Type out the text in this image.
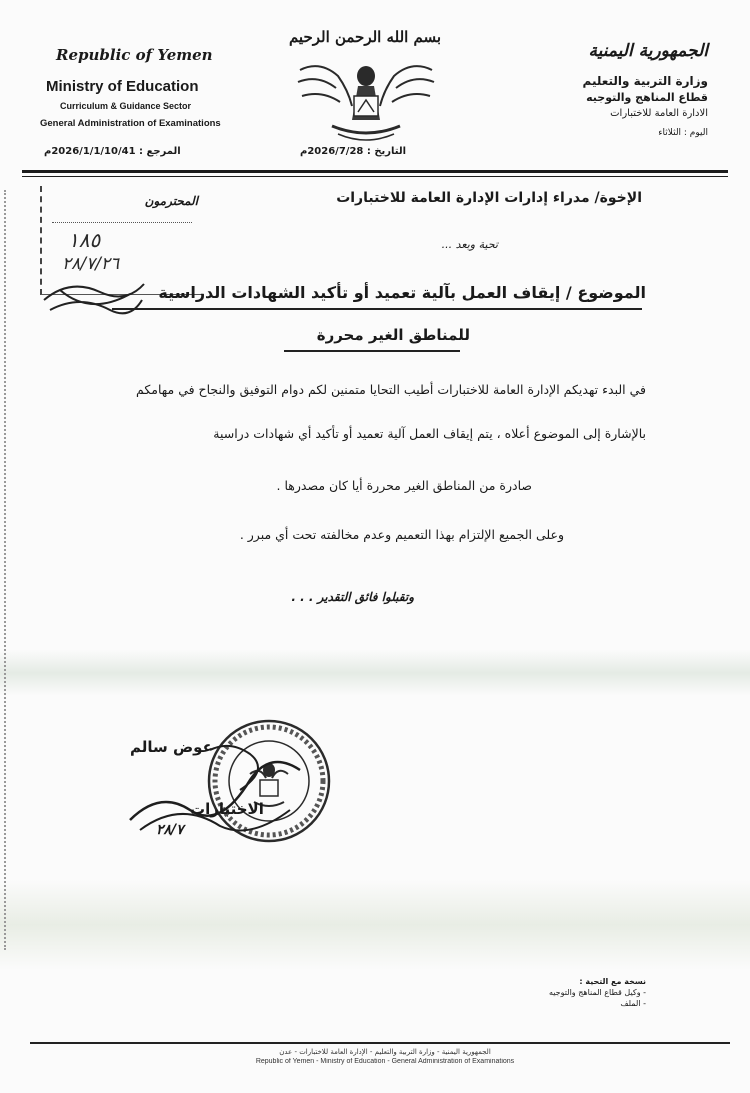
Republic of Yemen
Ministry of Education
Curriculum & Guidance Sector
General Administration of Examinations
بسم الله الرحمن الرحيم
الجمهورية اليمنية
وزارة التربية والتعليم
قطاع المناهج والتوجيه
الادارة العامة للاختبارات
اليوم : الثلاثاء
التاريخ : 2026/7/28م
المرجع : 2026/1/1/10/41م
المحترمون
١٨٥
٢٨/٧/٢٦
الإخوة/ مدراء إدارات الإدارة العامة للاختبارات
تحية وبعد ...
الموضوع / إيقاف العمل بآلية تعميد أو تأكيد الشهادات الدراسية
للمناطق الغير محررة
في البدء تهديكم الإدارة العامة للاختبارات أطيب التحايا متمنين لكم دوام التوفيق والنجاح في مهامكم
بالإشارة إلى الموضوع أعلاه ، يتم إيقاف العمل آلية تعميد أو تأكيد أي شهادات دراسية
صادرة من المناطق الغير محررة أيا كان مصدرها .
وعلى الجميع الإلتزام بهذا التعميم وعدم مخالفته تحت أي مبرر .
وتقبلوا فائق التقدير . . .
عوض سالم
الاختبارات
٢٨/٧
نسخة مع التحية :
- وكيل قطاع المناهج والتوجيه
- الملف
الجمهورية اليمنية - وزارة التربية والتعليم - الإدارة العامة للاختبارات - عدن
Republic of Yemen - Ministry of Education - General Administration of Examinations
